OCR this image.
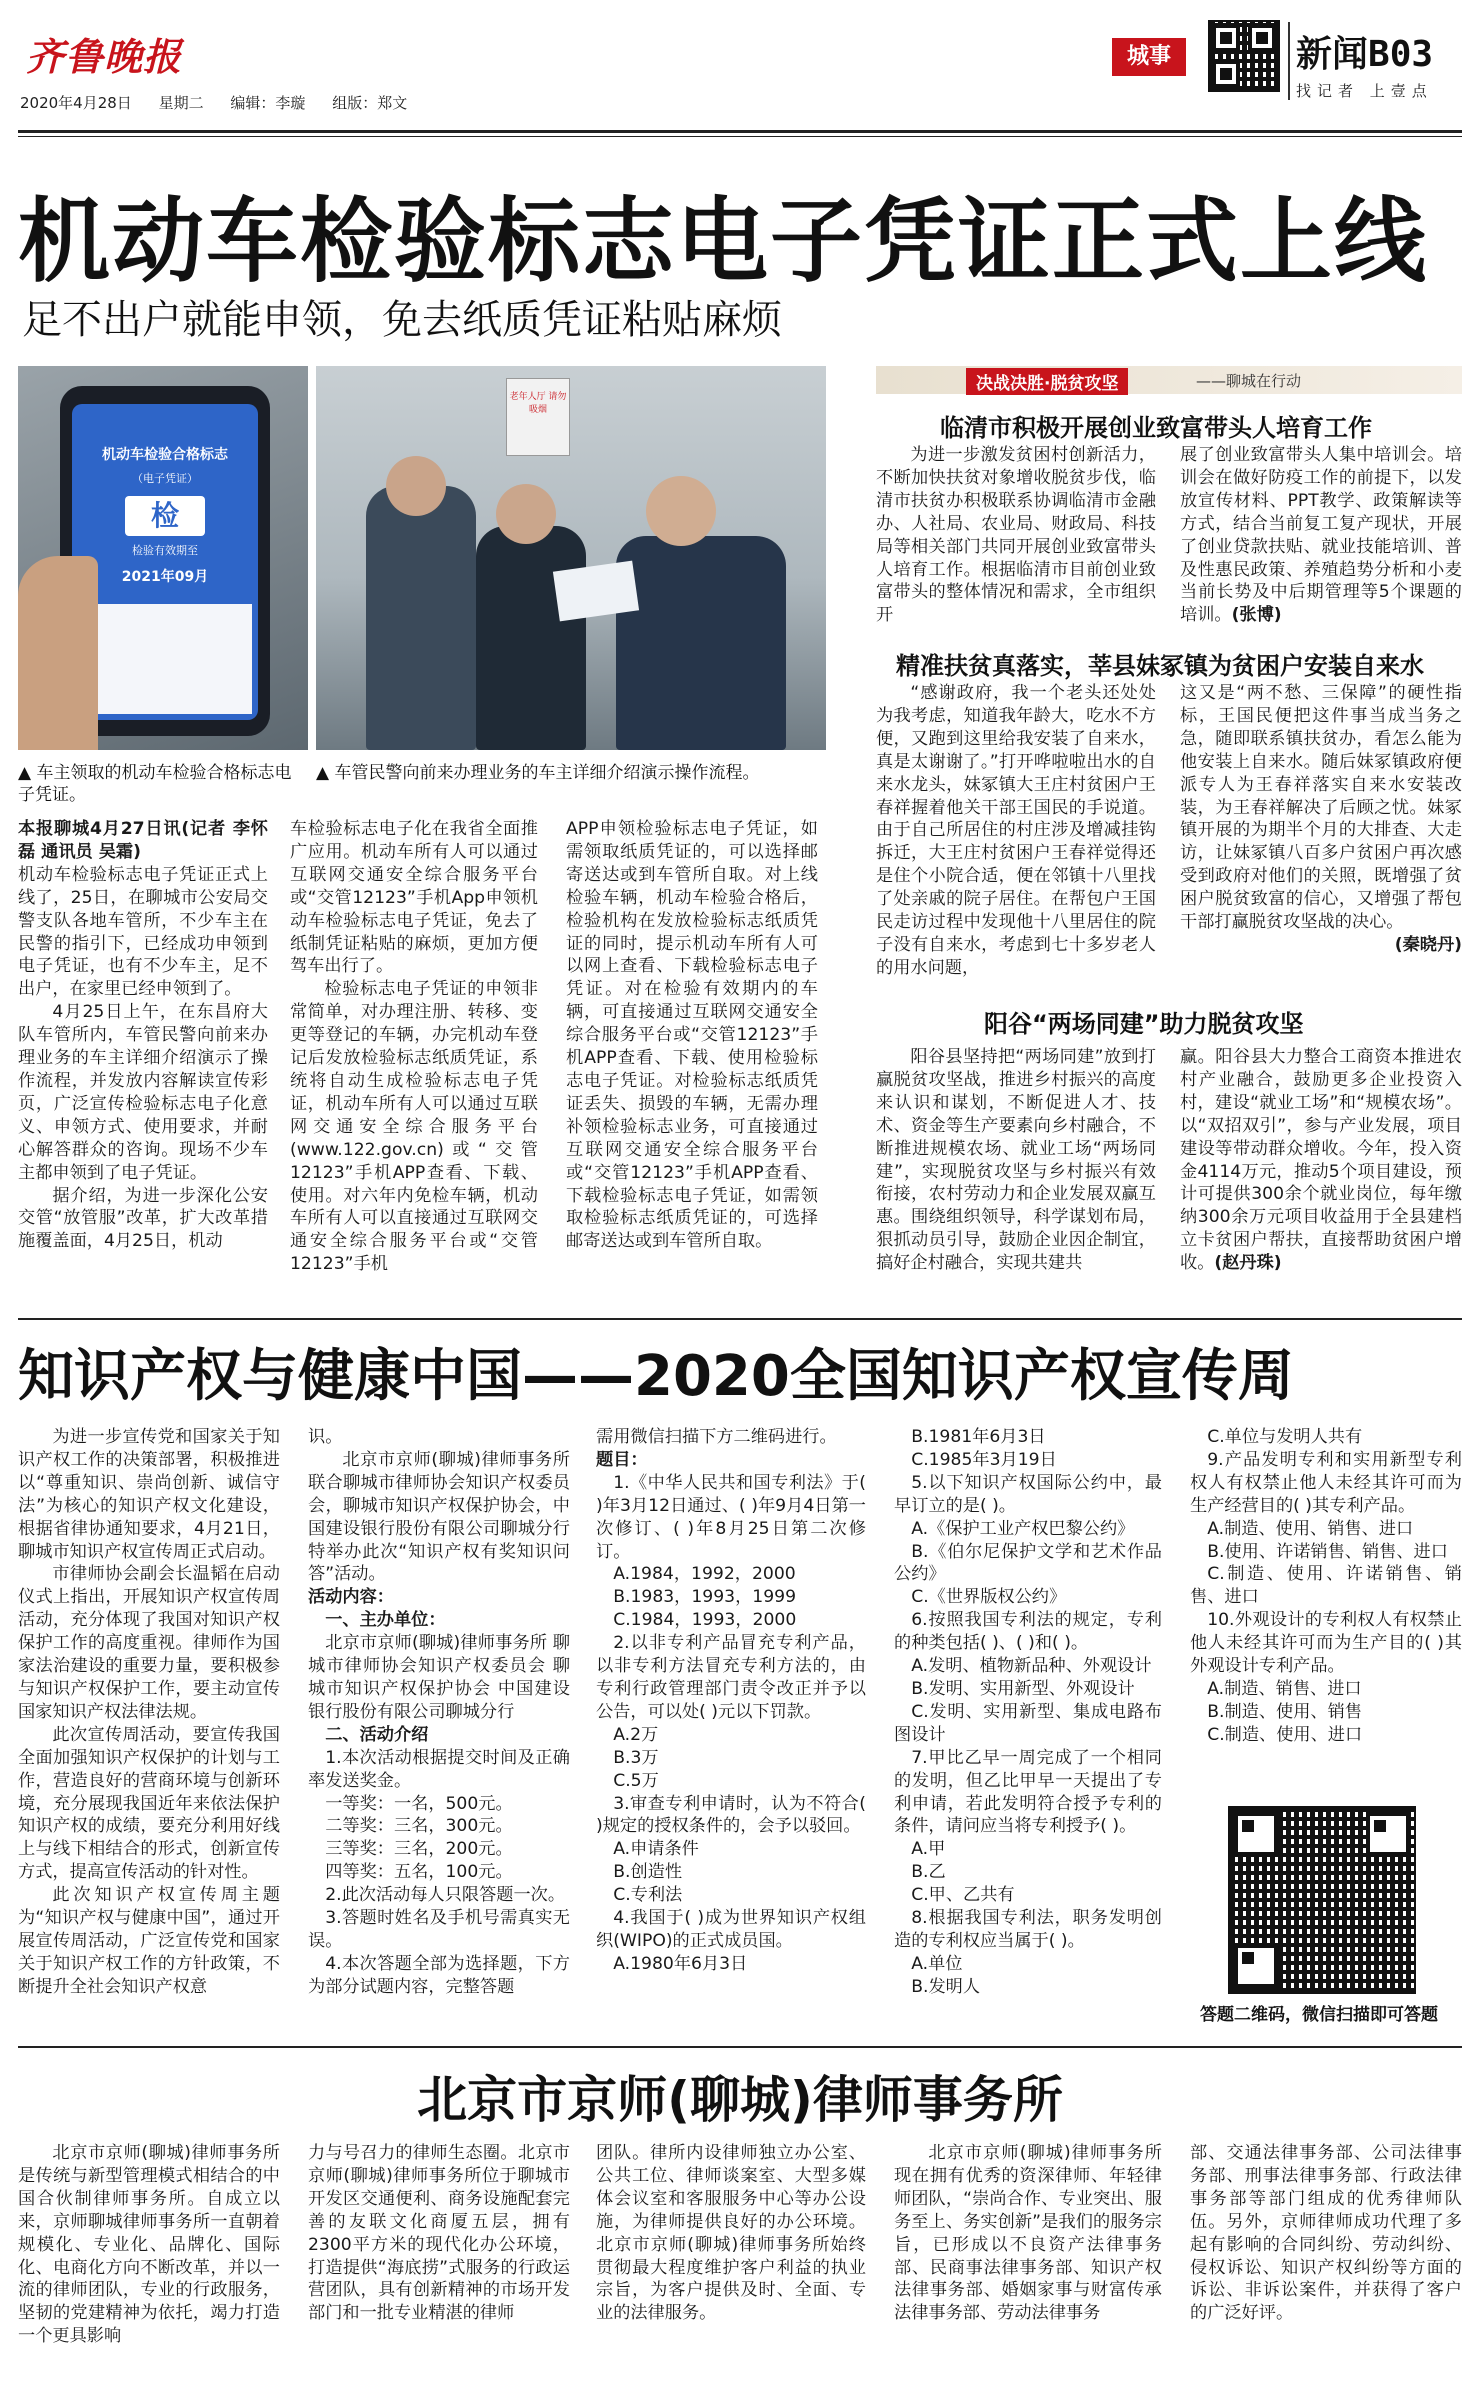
齐鲁晚报
2020年4月28日 星期二 编辑：李璇 组版：郑文
城事	新闻B03
找记者 上壹点
机动车检验标志电子凭证正式上线
足不出户就能申领，免去纸质凭证粘贴麻烦
机动车检验合格标志
（电子凭证）
检
检验有效期至
2021年09月
老年人厅 请勿吸烟
▲ 车主领取的机动车检验合格标志电子凭证。
▲ 车管民警向前来办理业务的车主详细介绍演示操作流程。

本报聊城4月27日讯(记者 李怀磊 通讯员 吴霜)

机动车检验标志电子凭证正式上线了，25日，在聊城市公安局交警支队各地车管所，不少车主在民警的指引下，已经成功申领到电子凭证，也有不少车主，足不出户，在家里已经申领到了。

4月25日上午，在东昌府大队车管所内，车管民警向前来办理业务的车主详细介绍演示了操作流程，并发放内容解读宣传彩页，广泛宣传检验标志电子化意义、申领方式、使用要求，并耐心解答群众的咨询。现场不少车主都申领到了电子凭证。

据介绍，为进一步深化公安交管“放管服”改革，扩大改革措施覆盖面，4月25日，机动

车检验标志电子化在我省全面推广应用。机动车所有人可以通过互联网交通安全综合服务平台或“交管12123”手机App申领机动车检验标志电子凭证，免去了纸制凭证粘贴的麻烦，更加方便驾车出行了。

检验标志电子凭证的申领非常简单，对办理注册、转移、变更等登记的车辆，办完机动车登记后发放检验标志纸质凭证，系统将自动生成检验标志电子凭证，机动车所有人可以通过互联网交通安全综合服务平台(www.122.gov.cn)或“交管12123”手机APP查看、下载、使用。对六年内免检车辆，机动车所有人可以直接通过互联网交通安全综合服务平台或“交管12123”手机

APP申领检验标志电子凭证，如需领取纸质凭证的，可以选择邮寄送达或到车管所自取。对上线检验车辆，机动车检验合格后，检验机构在发放检验标志纸质凭证的同时，提示机动车所有人可以网上查看、下载检验标志电子凭证。对在检验有效期内的车辆，可直接通过互联网交通安全综合服务平台或“交管12123”手机APP查看、下载、使用检验标志电子凭证。对检验标志纸质凭证丢失、损毁的车辆，无需办理补领检验标志业务，可直接通过互联网交通安全综合服务平台或“交管12123”手机APP查看、下载检验标志电子凭证，如需领取检验标志纸质凭证的，可选择邮寄送达或到车管所自取。

决战决胜·脱贫攻坚	——聊城在行动
临清市积极开展创业致富带头人培育工作
为进一步激发贫困村创新活力，不断加快扶贫对象增收脱贫步伐，临清市扶贫办积极联系协调临清市金融办、人社局、农业局、财政局、科技局等相关部门共同开展创业致富带头人培育工作。根据临清市目前创业致富带头的整体情况和需求，全市组织开
展了创业致富带头人集中培训会。培训会在做好防疫工作的前提下，以发放宣传材料、PPT教学、政策解读等方式，结合当前复工复产现状，开展了创业贷款扶贴、就业技能培训、普及性惠民政策、养殖趋势分析和小麦当前长势及中后期管理等5个课题的培训。(张博)
精准扶贫真落实，莘县妹冢镇为贫困户安装自来水
“感谢政府，我一个老头还处处为我考虑，知道我年龄大，吃水不方便，又跑到这里给我安装了自来水，真是太谢谢了。”打开哗啦啦出水的自来水龙头，妹冢镇大王庄村贫困户王春祥握着他关干部王国民的手说道。由于自己所居住的村庄涉及增减挂钩拆迁，大王庄村贫困户王春祥觉得还是住个小院合适，便在邻镇十八里找了处亲戚的院子居住。在帮包户王国民走访过程中发现他十八里居住的院子没有自来水，考虑到七十多岁老人的用水问题，
这又是“两不愁、三保障”的硬性指标，王国民便把这件事当成当务之急，随即联系镇扶贫办，看怎么能为他安装上自来水。随后妹冢镇政府便派专人为王春祥落实自来水安装改装，为王春祥解决了后顾之忧。妹冢镇开展的为期半个月的大排查、大走访，让妹冢镇八百多户贫困户再次感受到政府对他们的关照，既增强了贫困户脱贫致富的信心，又增强了帮包干部打赢脱贫攻坚战的决心。

(秦晓丹)
阳谷“两场同建”助力脱贫攻坚
阳谷县坚持把“两场同建”放到打赢脱贫攻坚战，推进乡村振兴的高度来认识和谋划，不断促进人才、技术、资金等生产要素向乡村融合，不断推进规模农场、就业工场“两场同建”，实现脱贫攻坚与乡村振兴有效衔接，农村劳动力和企业发展双赢互惠。围绕组织领导，科学谋划布局，狠抓动员引导，鼓励企业因企制宜，搞好企村融合，实现共建共
赢。阳谷县大力整合工商资本推进农村产业融合，鼓励更多企业投资入村，建设“就业工场”和“规模农场”。以“双招双引”，参与产业发展，项目建设等带动群众增收。今年，投入资金4114万元，推动5个项目建设，预计可提供300余个就业岗位，每年缴纳300余万元项目收益用于全县建档立卡贫困户帮扶，直接帮助贫困户增收。(赵丹珠)
知识产权与健康中国——2020全国知识产权宣传周

为进一步宣传党和国家关于知识产权工作的决策部署，积极推进以“尊重知识、崇尚创新、诚信守法”为核心的知识产权文化建设，根据省律协通知要求，4月21日，聊城市知识产权宣传周正式启动。

市律师协会副会长温韬在启动仪式上指出，开展知识产权宣传周活动，充分体现了我国对知识产权保护工作的高度重视。律师作为国家法治建设的重要力量，要积极参与知识产权保护工作，要主动宣传国家知识产权法律法规。

此次宣传周活动，要宣传我国全面加强知识产权保护的计划与工作，营造良好的营商环境与创新环境，充分展现我国近年来依法保护知识产权的成绩，要充分利用好线上与线下相结合的形式，创新宣传方式，提高宣传活动的针对性。

此次知识产权宣传周主题为“知识产权与健康中国”，通过开展宣传周活动，广泛宣传党和国家关于知识产权工作的方针政策，不断提升全社会知识产权意

识。

北京市京师(聊城)律师事务所联合聊城市律师协会知识产权委员会，聊城市知识产权保护协会，中国建设银行股份有限公司聊城分行特举办此次“知识产权有奖知识问答”活动。

活动内容：

一、主办单位：

北京市京师(聊城)律师事务所 聊城市律师协会知识产权委员会 聊城市知识产权保护协会 中国建设银行股份有限公司聊城分行

二、活动介绍

1.本次活动根据提交时间及正确率发送奖金。

一等奖：一名，500元。

二等奖：三名，300元。

三等奖：三名，200元。

四等奖：五名，100元。

2.此次活动每人只限答题一次。

3.答题时姓名及手机号需真实无误。

4.本次答题全部为选择题，下方为部分试题内容，完整答题

需用微信扫描下方二维码进行。

题目：

1.《中华人民共和国专利法》于( )年3月12日通过、( )年9月4日第一次修订、( )年8月25日第二次修订。

A.1984，1992，2000

B.1983，1993，1999

C.1984，1993，2000

2.以非专利产品冒充专利产品，以非专利方法冒充专利方法的，由专利行政管理部门责令改正并予以公告，可以处( )元以下罚款。

A.2万

B.3万

C.5万

3.审查专利申请时，认为不符合( )规定的授权条件的，会予以驳回。

A.申请条件

B.创造性

C.专利法

4.我国于( )成为世界知识产权组织(WIPO)的正式成员国。

A.1980年6月3日

B.1981年6月3日

C.1985年3月19日

5.以下知识产权国际公约中，最早订立的是( )。

A.《保护工业产权巴黎公约》

B.《伯尔尼保护文学和艺术作品公约》

C.《世界版权公约》

6.按照我国专利法的规定，专利的种类包括( )、( )和( )。

A.发明、植物新品种、外观设计

B.发明、实用新型、外观设计

C.发明、实用新型、集成电路布图设计

7.甲比乙早一周完成了一个相同的发明，但乙比甲早一天提出了专利申请，若此发明符合授予专利的条件，请问应当将专利授予( )。

A.甲

B.乙

C.甲、乙共有

8.根据我国专利法，职务发明创造的专利权应当属于( )。

A.单位

B.发明人

C.单位与发明人共有

9.产品发明专利和实用新型专利权人有权禁止他人未经其许可而为生产经营目的( )其专利产品。

A.制造、使用、销售、进口

B.使用、许诺销售、销售、进口

C.制造、使用、许诺销售、销售、进口

10.外观设计的专利权人有权禁止他人未经其许可而为生产目的( )其外观设计专利产品。

A.制造、销售、进口

B.制造、使用、销售

C.制造、使用、进口

答题二维码，微信扫描即可答题
北京市京师(聊城)律师事务所
北京市京师(聊城)律师事务所是传统与新型管理模式相结合的中国合伙制律师事务所。自成立以来，京师聊城律师事务所一直朝着规模化、专业化、品牌化、国际化、电商化方向不断改革，并以一流的律师团队，专业的行政服务，坚韧的党建精神为依托，竭力打造一个更具影响
力与号召力的律师生态圈。北京市京师(聊城)律师事务所位于聊城市开发区交通便利、商务设施配套完善的友联文化商厦五层，拥有2300平方米的现代化办公环境，打造提供“海底捞”式服务的行政运营团队，具有创新精神的市场开发部门和一批专业精湛的律师
团队。律所内设律师独立办公室、公共工位、律师谈案室、大型多媒体会议室和客服服务中心等办公设施，为律师提供良好的办公环境。北京市京师(聊城)律师事务所始终贯彻最大程度维护客户利益的执业宗旨，为客户提供及时、全面、专业的法律服务。
北京市京师(聊城)律师事务所现在拥有优秀的资深律师、年轻律师团队，“崇尚合作、专业突出、服务至上、务实创新”是我们的服务宗旨，已形成以不良资产法律事务部、民商事法律事务部、知识产权法律事务部、婚姻家事与财富传承法律事务部、劳动法律事务
部、交通法律事务部、公司法律事务部、刑事法律事务部、行政法律事务部等部门组成的优秀律师队伍。另外，京师律师成功代理了多起有影响的合同纠纷、劳动纠纷、侵权诉讼、知识产权纠纷等方面的诉讼、非诉讼案件，并获得了客户的广泛好评。
